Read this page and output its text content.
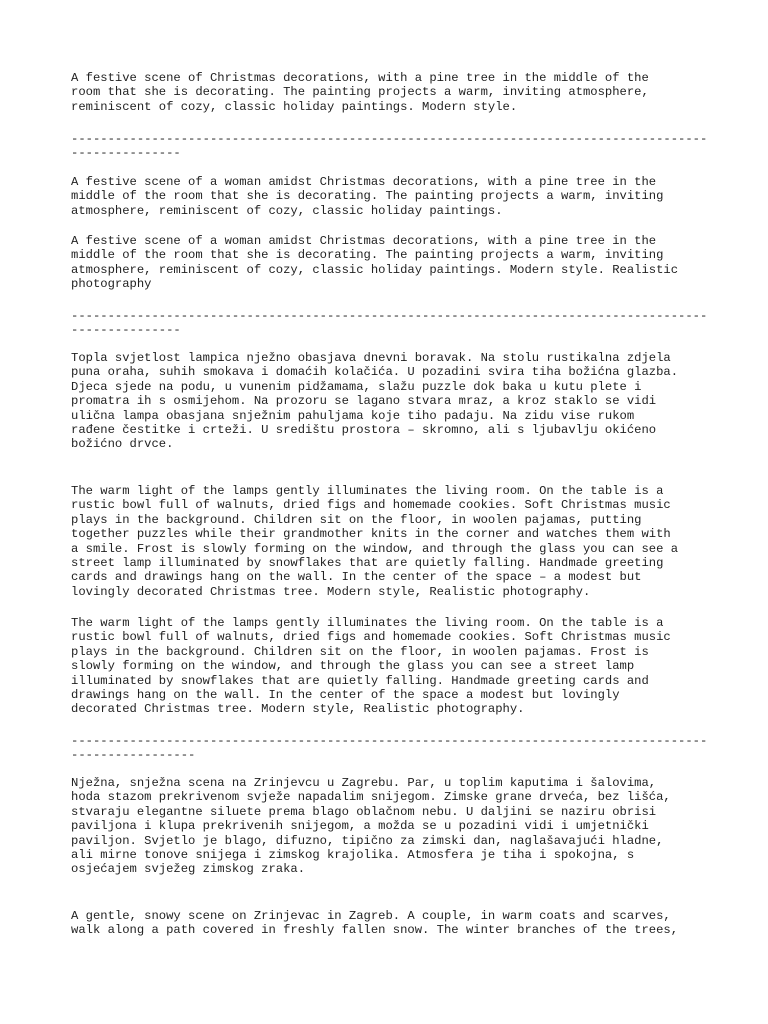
A festive scene of Christmas decorations, with a pine tree in the middle of the
room that she is decorating. The painting projects a warm, inviting atmosphere,
reminiscent of cozy, classic holiday paintings. Modern style.
---------------------------------------------------------------------------------------
---------------
A festive scene of a woman amidst Christmas decorations, with a pine tree in the
middle of the room that she is decorating. The painting projects a warm, inviting
atmosphere, reminiscent of cozy, classic holiday paintings.
A festive scene of a woman amidst Christmas decorations, with a pine tree in the
middle of the room that she is decorating. The painting projects a warm, inviting
atmosphere, reminiscent of cozy, classic holiday paintings. Modern style. Realistic
photography
---------------------------------------------------------------------------------------
---------------
Topla svjetlost lampica nježno obasjava dnevni boravak. Na stolu rustikalna zdjela
puna oraha, suhih smokava i domaćih kolačića. U pozadini svira tiha božićna glazba.
Djeca sjede na podu, u vunenim pidžamama, slažu puzzle dok baka u kutu plete i
promatra ih s osmijehom. Na prozoru se lagano stvara mraz, a kroz staklo se vidi
ulična lampa obasjana snježnim pahuljama koje tiho padaju. Na zidu vise rukom
rađene čestitke i crteži. U središtu prostora – skromno, ali s ljubavlju okićeno
božićno drvce.
The warm light of the lamps gently illuminates the living room. On the table is a
rustic bowl full of walnuts, dried figs and homemade cookies. Soft Christmas music
plays in the background. Children sit on the floor, in woolen pajamas, putting
together puzzles while their grandmother knits in the corner and watches them with
a smile. Frost is slowly forming on the window, and through the glass you can see a
street lamp illuminated by snowflakes that are quietly falling. Handmade greeting
cards and drawings hang on the wall. In the center of the space – a modest but
lovingly decorated Christmas tree. Modern style, Realistic photography.
The warm light of the lamps gently illuminates the living room. On the table is a
rustic bowl full of walnuts, dried figs and homemade cookies. Soft Christmas music
plays in the background. Children sit on the floor, in woolen pajamas. Frost is
slowly forming on the window, and through the glass you can see a street lamp
illuminated by snowflakes that are quietly falling. Handmade greeting cards and
drawings hang on the wall. In the center of the space a modest but lovingly
decorated Christmas tree. Modern style, Realistic photography.
---------------------------------------------------------------------------------------
-----------------
Nježna, snježna scena na Zrinjevcu u Zagrebu. Par, u toplim kaputima i šalovima,
hoda stazom prekrivenom svježe napadalim snijegom. Zimske grane drveća, bez lišća,
stvaraju elegantne siluete prema blago oblačnom nebu. U daljini se naziru obrisi
paviljona i klupa prekrivenih snijegom, a možda se u pozadini vidi i umjetnički
paviljon. Svjetlo je blago, difuzno, tipično za zimski dan, naglašavajući hladne,
ali mirne tonove snijega i zimskog krajolika. Atmosfera je tiha i spokojna, s
osjećajem svježeg zimskog zraka.
A gentle, snowy scene on Zrinjevac in Zagreb. A couple, in warm coats and scarves,
walk along a path covered in freshly fallen snow. The winter branches of the trees,
